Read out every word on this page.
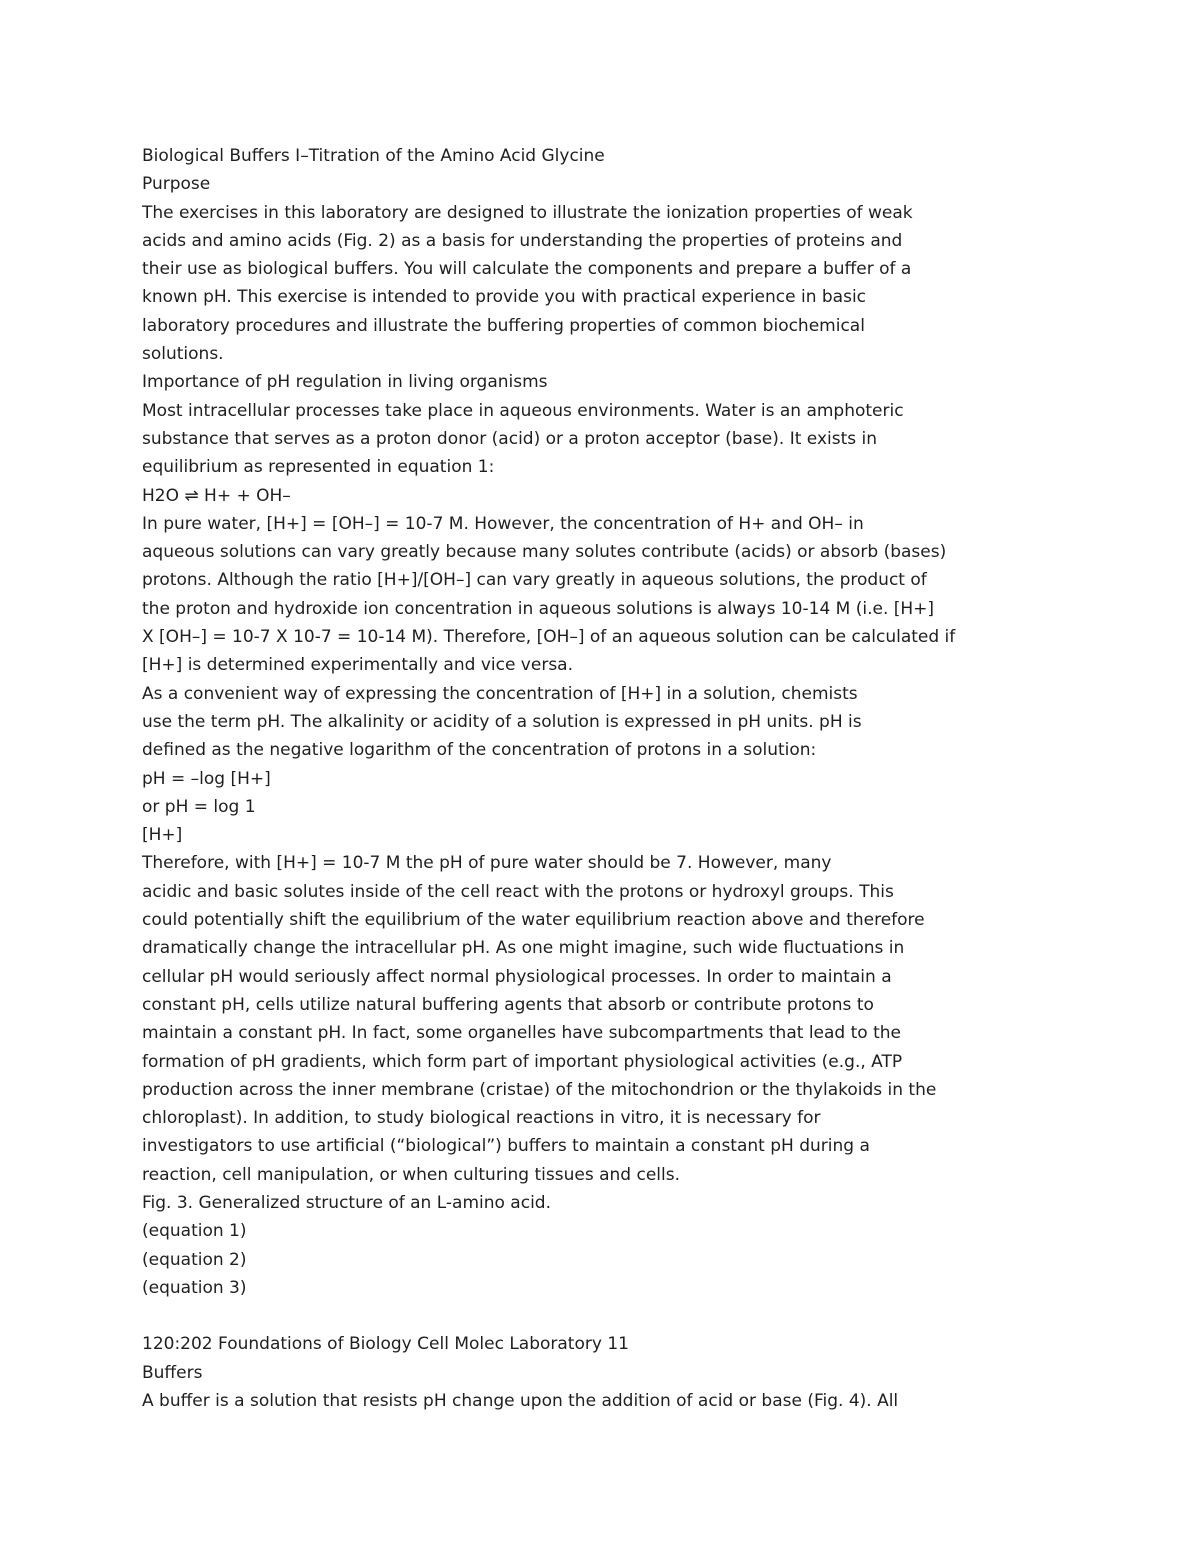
Biological Buffers I–Titration of the Amino Acid Glycine
Purpose
The exercises in this laboratory are designed to illustrate the ionization properties of weak
acids and amino acids (Fig. 2) as a basis for understanding the properties of proteins and
their use as biological buffers. You will calculate the components and prepare a buffer of a
known pH. This exercise is intended to provide you with practical experience in basic
laboratory procedures and illustrate the buffering properties of common biochemical
solutions.
Importance of pH regulation in living organisms
Most intracellular processes take place in aqueous environments. Water is an amphoteric
substance that serves as a proton donor (acid) or a proton acceptor (base). It exists in
equilibrium as represented in equation 1:
H2O ⇌ H+ + OH–
In pure water, [H+] = [OH–] = 10-7 M. However, the concentration of H+ and OH– in
aqueous solutions can vary greatly because many solutes contribute (acids) or absorb (bases)
protons. Although the ratio [H+]/[OH–] can vary greatly in aqueous solutions, the product of
the proton and hydroxide ion concentration in aqueous solutions is always 10-14 M (i.e. [H+]
X [OH–] = 10-7 X 10-7 = 10-14 M). Therefore, [OH–] of an aqueous solution can be calculated if
[H+] is determined experimentally and vice versa.
As a convenient way of expressing the concentration of [H+] in a solution, chemists
use the term pH. The alkalinity or acidity of a solution is expressed in pH units. pH is
defined as the negative logarithm of the concentration of protons in a solution:
pH = –log [H+]
or pH = log 1
[H+]
Therefore, with [H+] = 10-7 M the pH of pure water should be 7. However, many
acidic and basic solutes inside of the cell react with the protons or hydroxyl groups. This
could potentially shift the equilibrium of the water equilibrium reaction above and therefore
dramatically change the intracellular pH. As one might imagine, such wide fluctuations in
cellular pH would seriously affect normal physiological processes. In order to maintain a
constant pH, cells utilize natural buffering agents that absorb or contribute protons to
maintain a constant pH. In fact, some organelles have subcompartments that lead to the
formation of pH gradients, which form part of important physiological activities (e.g., ATP
production across the inner membrane (cristae) of the mitochondrion or the thylakoids in the
chloroplast). In addition, to study biological reactions in vitro, it is necessary for
investigators to use artificial (“biological”) buffers to maintain a constant pH during a
reaction, cell manipulation, or when culturing tissues and cells.
Fig. 3. Generalized structure of an L-amino acid.
(equation 1)
(equation 2)
(equation 3)
120:202 Foundations of Biology Cell Molec Laboratory 11
Buffers
A buffer is a solution that resists pH change upon the addition of acid or base (Fig. 4). All
